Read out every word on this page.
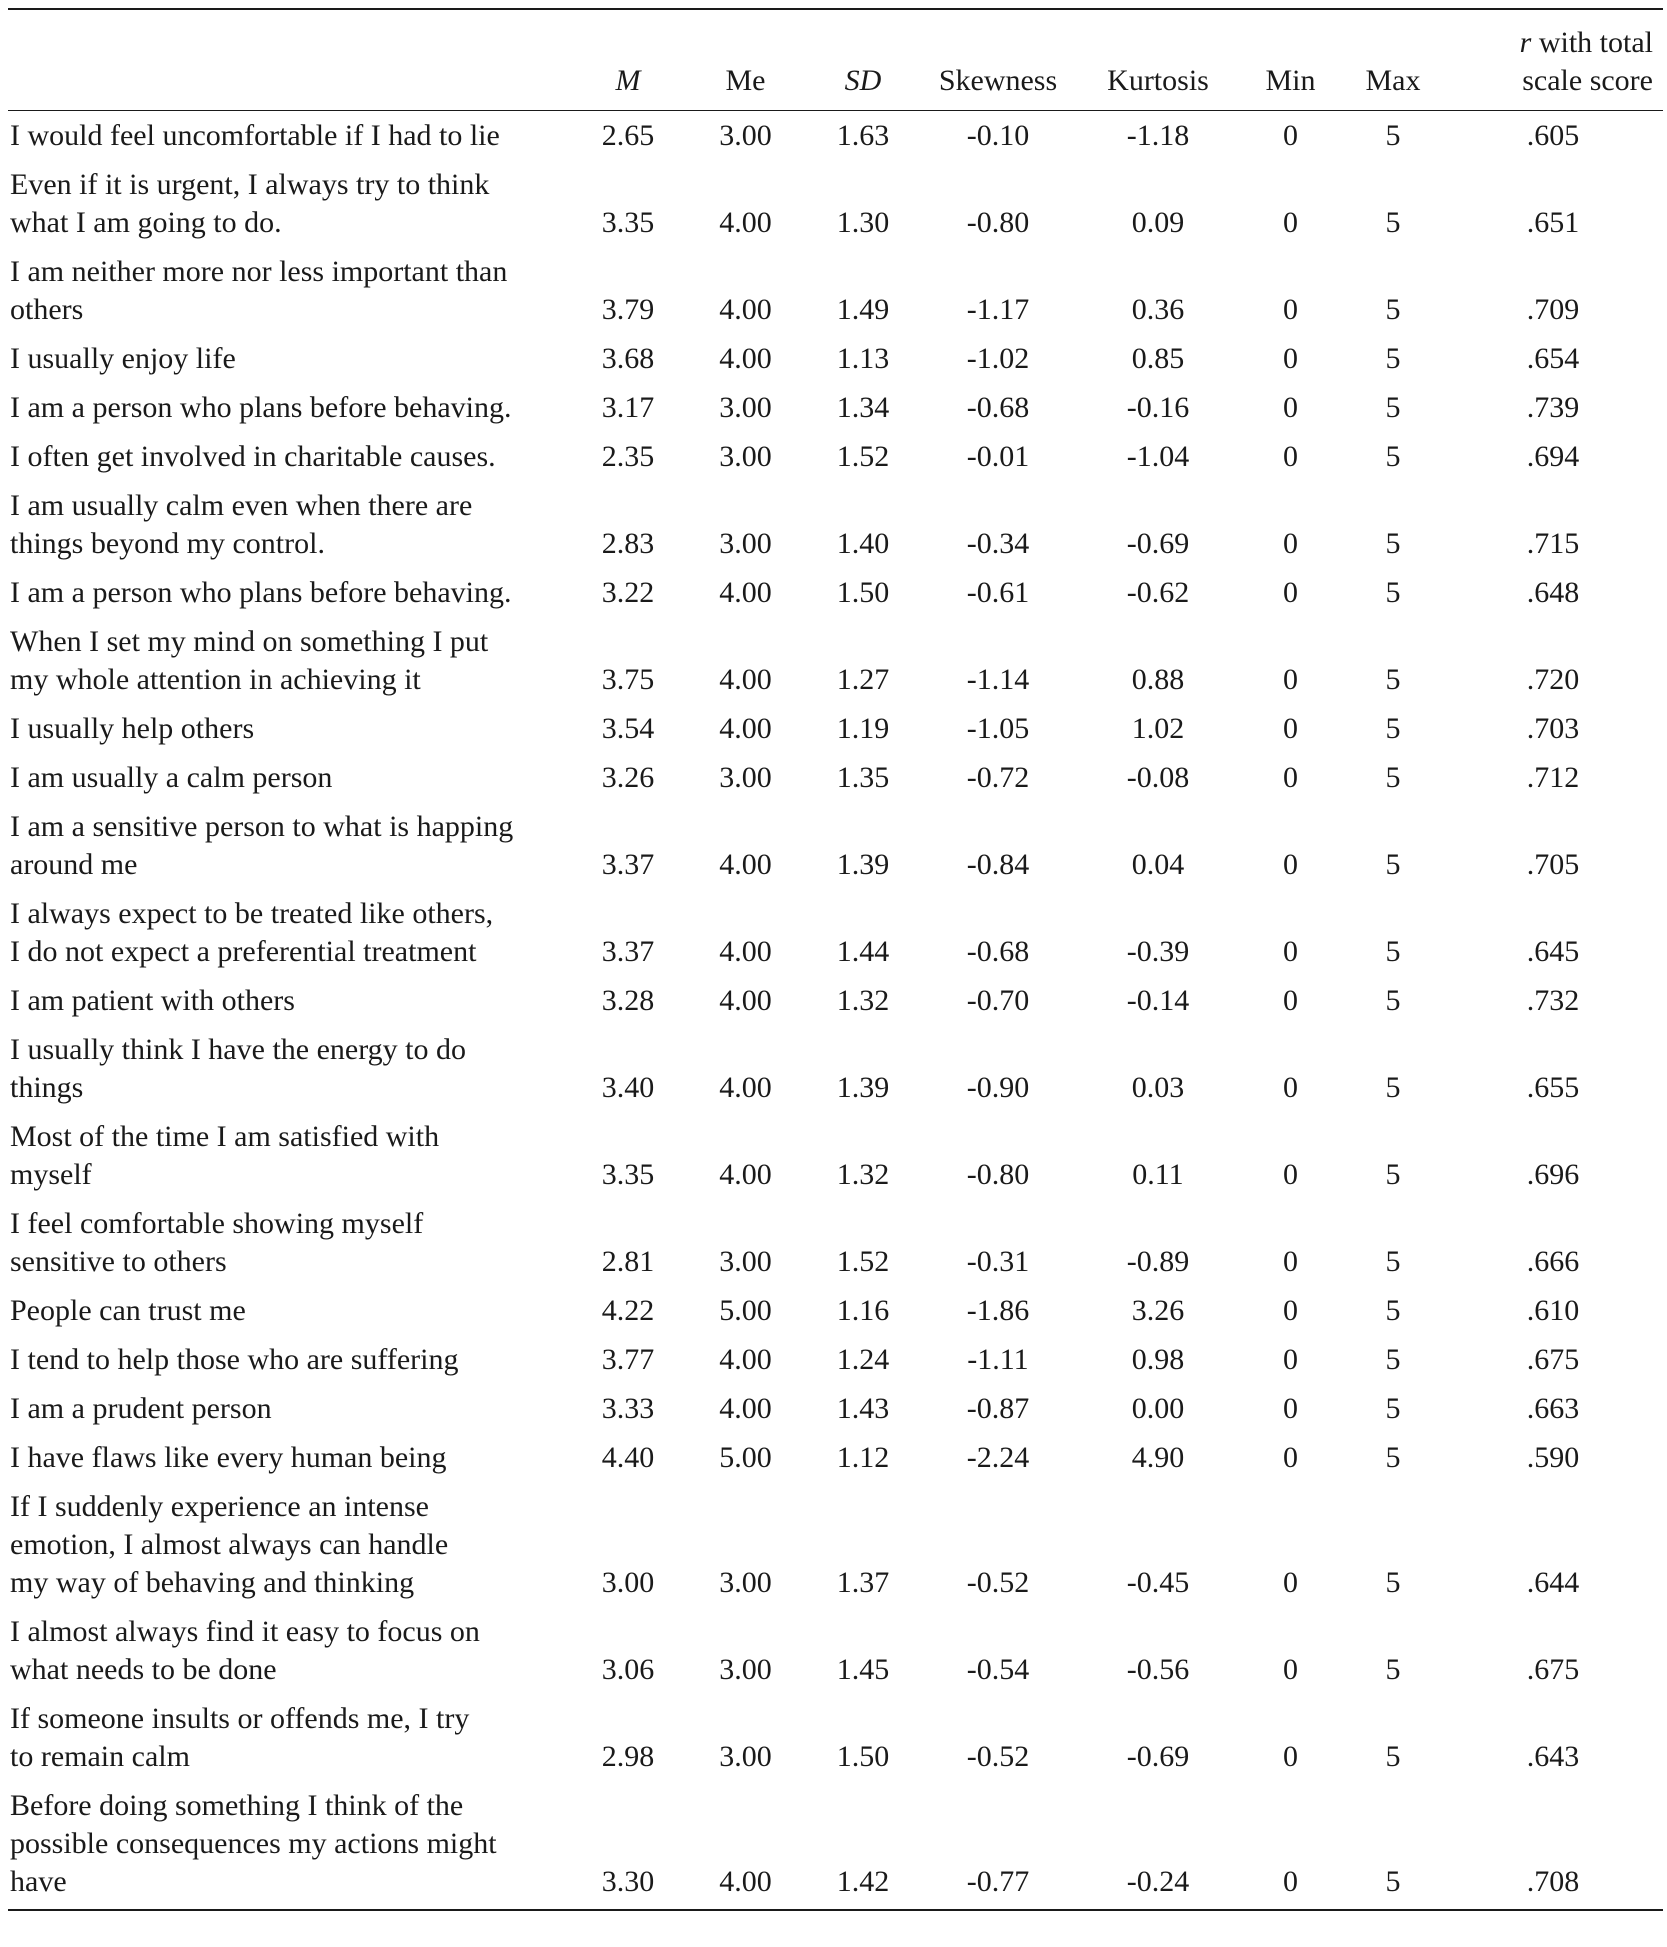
	M	Me	SD	Skewness	Kurtosis	Min	Max	r with total
scale score
I would feel uncomfortable if I had to lie	2.65	3.00	1.63	-0.10	-1.18	0	5	.605
Even if it is urgent, I always try to think
what I am going to do.	3.35	4.00	1.30	-0.80	0.09	0	5	.651
I am neither more nor less important than
others	3.79	4.00	1.49	-1.17	0.36	0	5	.709
I usually enjoy life	3.68	4.00	1.13	-1.02	0.85	0	5	.654
I am a person who plans before behaving.	3.17	3.00	1.34	-0.68	-0.16	0	5	.739
I often get involved in charitable causes.	2.35	3.00	1.52	-0.01	-1.04	0	5	.694
I am usually calm even when there are
things beyond my control.	2.83	3.00	1.40	-0.34	-0.69	0	5	.715
I am a person who plans before behaving.	3.22	4.00	1.50	-0.61	-0.62	0	5	.648
When I set my mind on something I put
my whole attention in achieving it	3.75	4.00	1.27	-1.14	0.88	0	5	.720
I usually help others	3.54	4.00	1.19	-1.05	1.02	0	5	.703
I am usually a calm person	3.26	3.00	1.35	-0.72	-0.08	0	5	.712
I am a sensitive person to what is happing
around me	3.37	4.00	1.39	-0.84	0.04	0	5	.705
I always expect to be treated like others,
I do not expect a preferential treatment	3.37	4.00	1.44	-0.68	-0.39	0	5	.645
I am patient with others	3.28	4.00	1.32	-0.70	-0.14	0	5	.732
I usually think I have the energy to do
things	3.40	4.00	1.39	-0.90	0.03	0	5	.655
Most of the time I am satisfied with
myself	3.35	4.00	1.32	-0.80	0.11	0	5	.696
I feel comfortable showing myself
sensitive to others	2.81	3.00	1.52	-0.31	-0.89	0	5	.666
People can trust me	4.22	5.00	1.16	-1.86	3.26	0	5	.610
I tend to help those who are suffering	3.77	4.00	1.24	-1.11	0.98	0	5	.675
I am a prudent person	3.33	4.00	1.43	-0.87	0.00	0	5	.663
I have flaws like every human being	4.40	5.00	1.12	-2.24	4.90	0	5	.590
If I suddenly experience an intense
emotion, I almost always can handle
my way of behaving and thinking	3.00	3.00	1.37	-0.52	-0.45	0	5	.644
I almost always find it easy to focus on
what needs to be done	3.06	3.00	1.45	-0.54	-0.56	0	5	.675
If someone insults or offends me, I try
to remain calm	2.98	3.00	1.50	-0.52	-0.69	0	5	.643
Before doing something I think of the
possible consequences my actions might
have	3.30	4.00	1.42	-0.77	-0.24	0	5	.708
